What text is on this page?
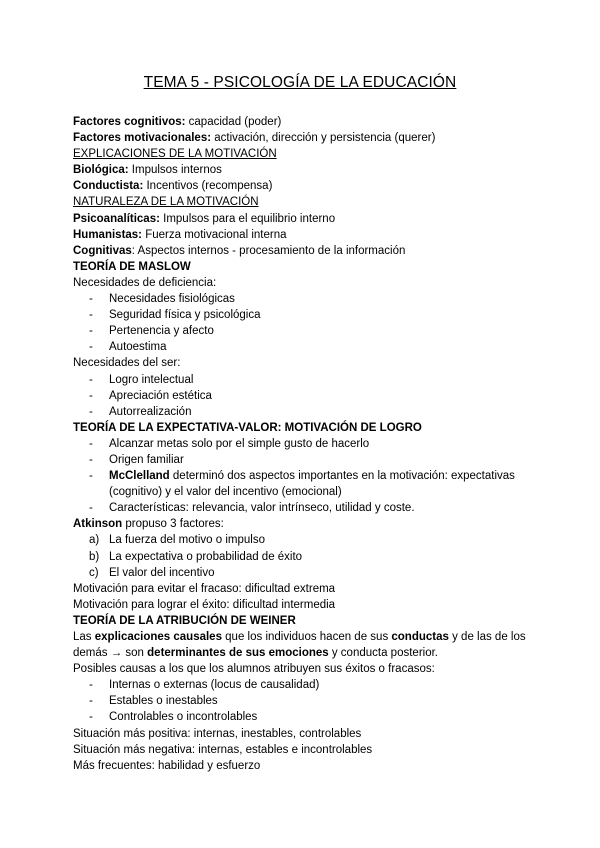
TEMA 5 - PSICOLOGÍA DE LA EDUCACIÓN
Factores cognitivos: capacidad (poder)
Factores motivacionales: activación, dirección y persistencia (querer)
EXPLICACIONES DE LA MOTIVACIÓN
Biológica: Impulsos internos
Conductista: Incentivos (recompensa)
NATURALEZA DE LA MOTIVACIÓN
Psicoanalíticas: Impulsos para el equilibrio interno
Humanistas: Fuerza motivacional interna
Cognitivas: Aspectos internos - procesamiento de la información
TEORÍA DE MASLOW
Necesidades de deficiencia:
- Necesidades fisiológicas
- Seguridad física y psicológica
- Pertenencia y afecto
- Autoestima
Necesidades del ser:
- Logro intelectual
- Apreciación estética
- Autorrealización
TEORÍA DE LA EXPECTATIVA-VALOR: MOTIVACIÓN DE LOGRO
- Alcanzar metas solo por el simple gusto de hacerlo
- Origen familiar
- McClelland determinó dos aspectos importantes en la motivación: expectativas (cognitivo) y el valor del incentivo (emocional)
- Características: relevancia, valor intrínseco, utilidad y coste.
Atkinson propuso 3 factores:
a) La fuerza del motivo o impulso
b) La expectativa o probabilidad de éxito
c) El valor del incentivo
Motivación para evitar el fracaso: dificultad extrema
Motivación para lograr el éxito: dificultad intermedia
TEORÍA DE LA ATRIBUCIÓN DE WEINER
Las explicaciones causales que los individuos hacen de sus conductas y de las de los demás → son determinantes de sus emociones y conducta posterior.
Posibles causas a los que los alumnos atribuyen sus éxitos o fracasos:
- Internas o externas (locus de causalidad)
- Estables o inestables
- Controlables o incontrolables
Situación más positiva: internas, inestables, controlables
Situación más negativa: internas, estables e incontrolables
Más frecuentes: habilidad y esfuerzo
